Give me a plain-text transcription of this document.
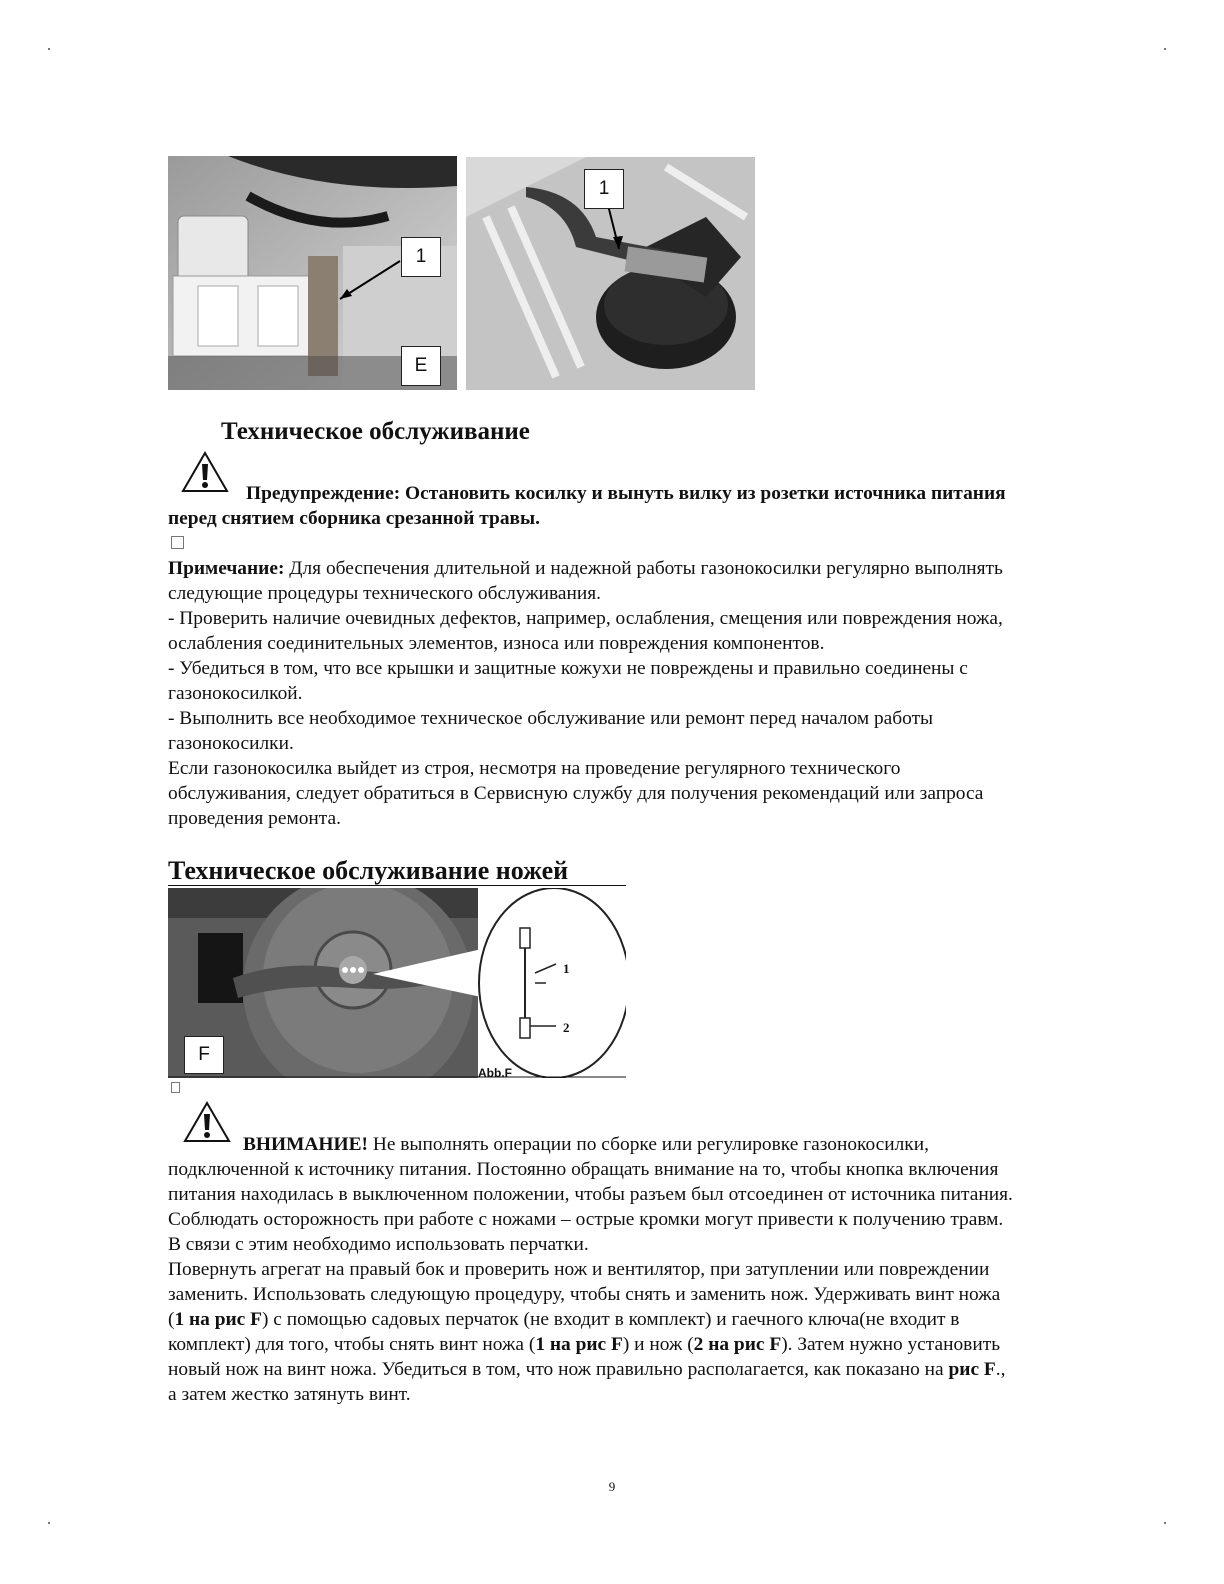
1
E
1
Техническое обслуживание
Предупреждение: Остановить косилку и вынуть вилку из розетки источника питания
перед снятием сборника срезанной травы.
Примечание: Для обеспечения длительной и надежной работы газонокосилки регулярно выполнять
следующие процедуры технического обслуживания.
- Проверить наличие очевидных дефектов, например, ослабления, смещения или повреждения ножа,
ослабления соединительных элементов, износа или повреждения компонентов.
- Убедиться в том, что все крышки и защитные кожухи не повреждены и правильно соединены с
газонокосилкой.
- Выполнить все необходимое техническое обслуживание или ремонт перед началом работы
газонокосилки.
Если газонокосилка выйдет из строя, несмотря на проведение регулярного технического
обслуживания, следует обратиться в Сервисную службу для получения рекомендаций или запроса
проведения ремонта.
Техническое обслуживание ножей
1
2
Abb.F
F
ВНИМАНИЕ! Не выполнять операции по сборке или регулировке газонокосилки,
подключенной к источнику питания. Постоянно обращать внимание на то, чтобы кнопка включения
питания находилась в выключенном положении, чтобы разъем был отсоединен от источника питания.
Соблюдать осторожность при работе с ножами – острые кромки могут привести к получению травм.
В связи с этим необходимо использовать перчатки.
Повернуть агрегат на правый бок и проверить нож и вентилятор, при затуплении или повреждении
заменить. Использовать следующую процедуру, чтобы снять и заменить нож. Удерживать винт ножа
(1 на рис F) с помощью садовых перчаток (не входит в комплект) и гаечного ключа(не входит в
комплект) для того, чтобы снять винт ножа (1 на рис F) и нож (2 на рис F). Затем нужно установить
новый нож на винт ножа. Убедиться в том, что нож правильно располагается, как показано на рис F.,
а затем жестко затянуть винт.
9
